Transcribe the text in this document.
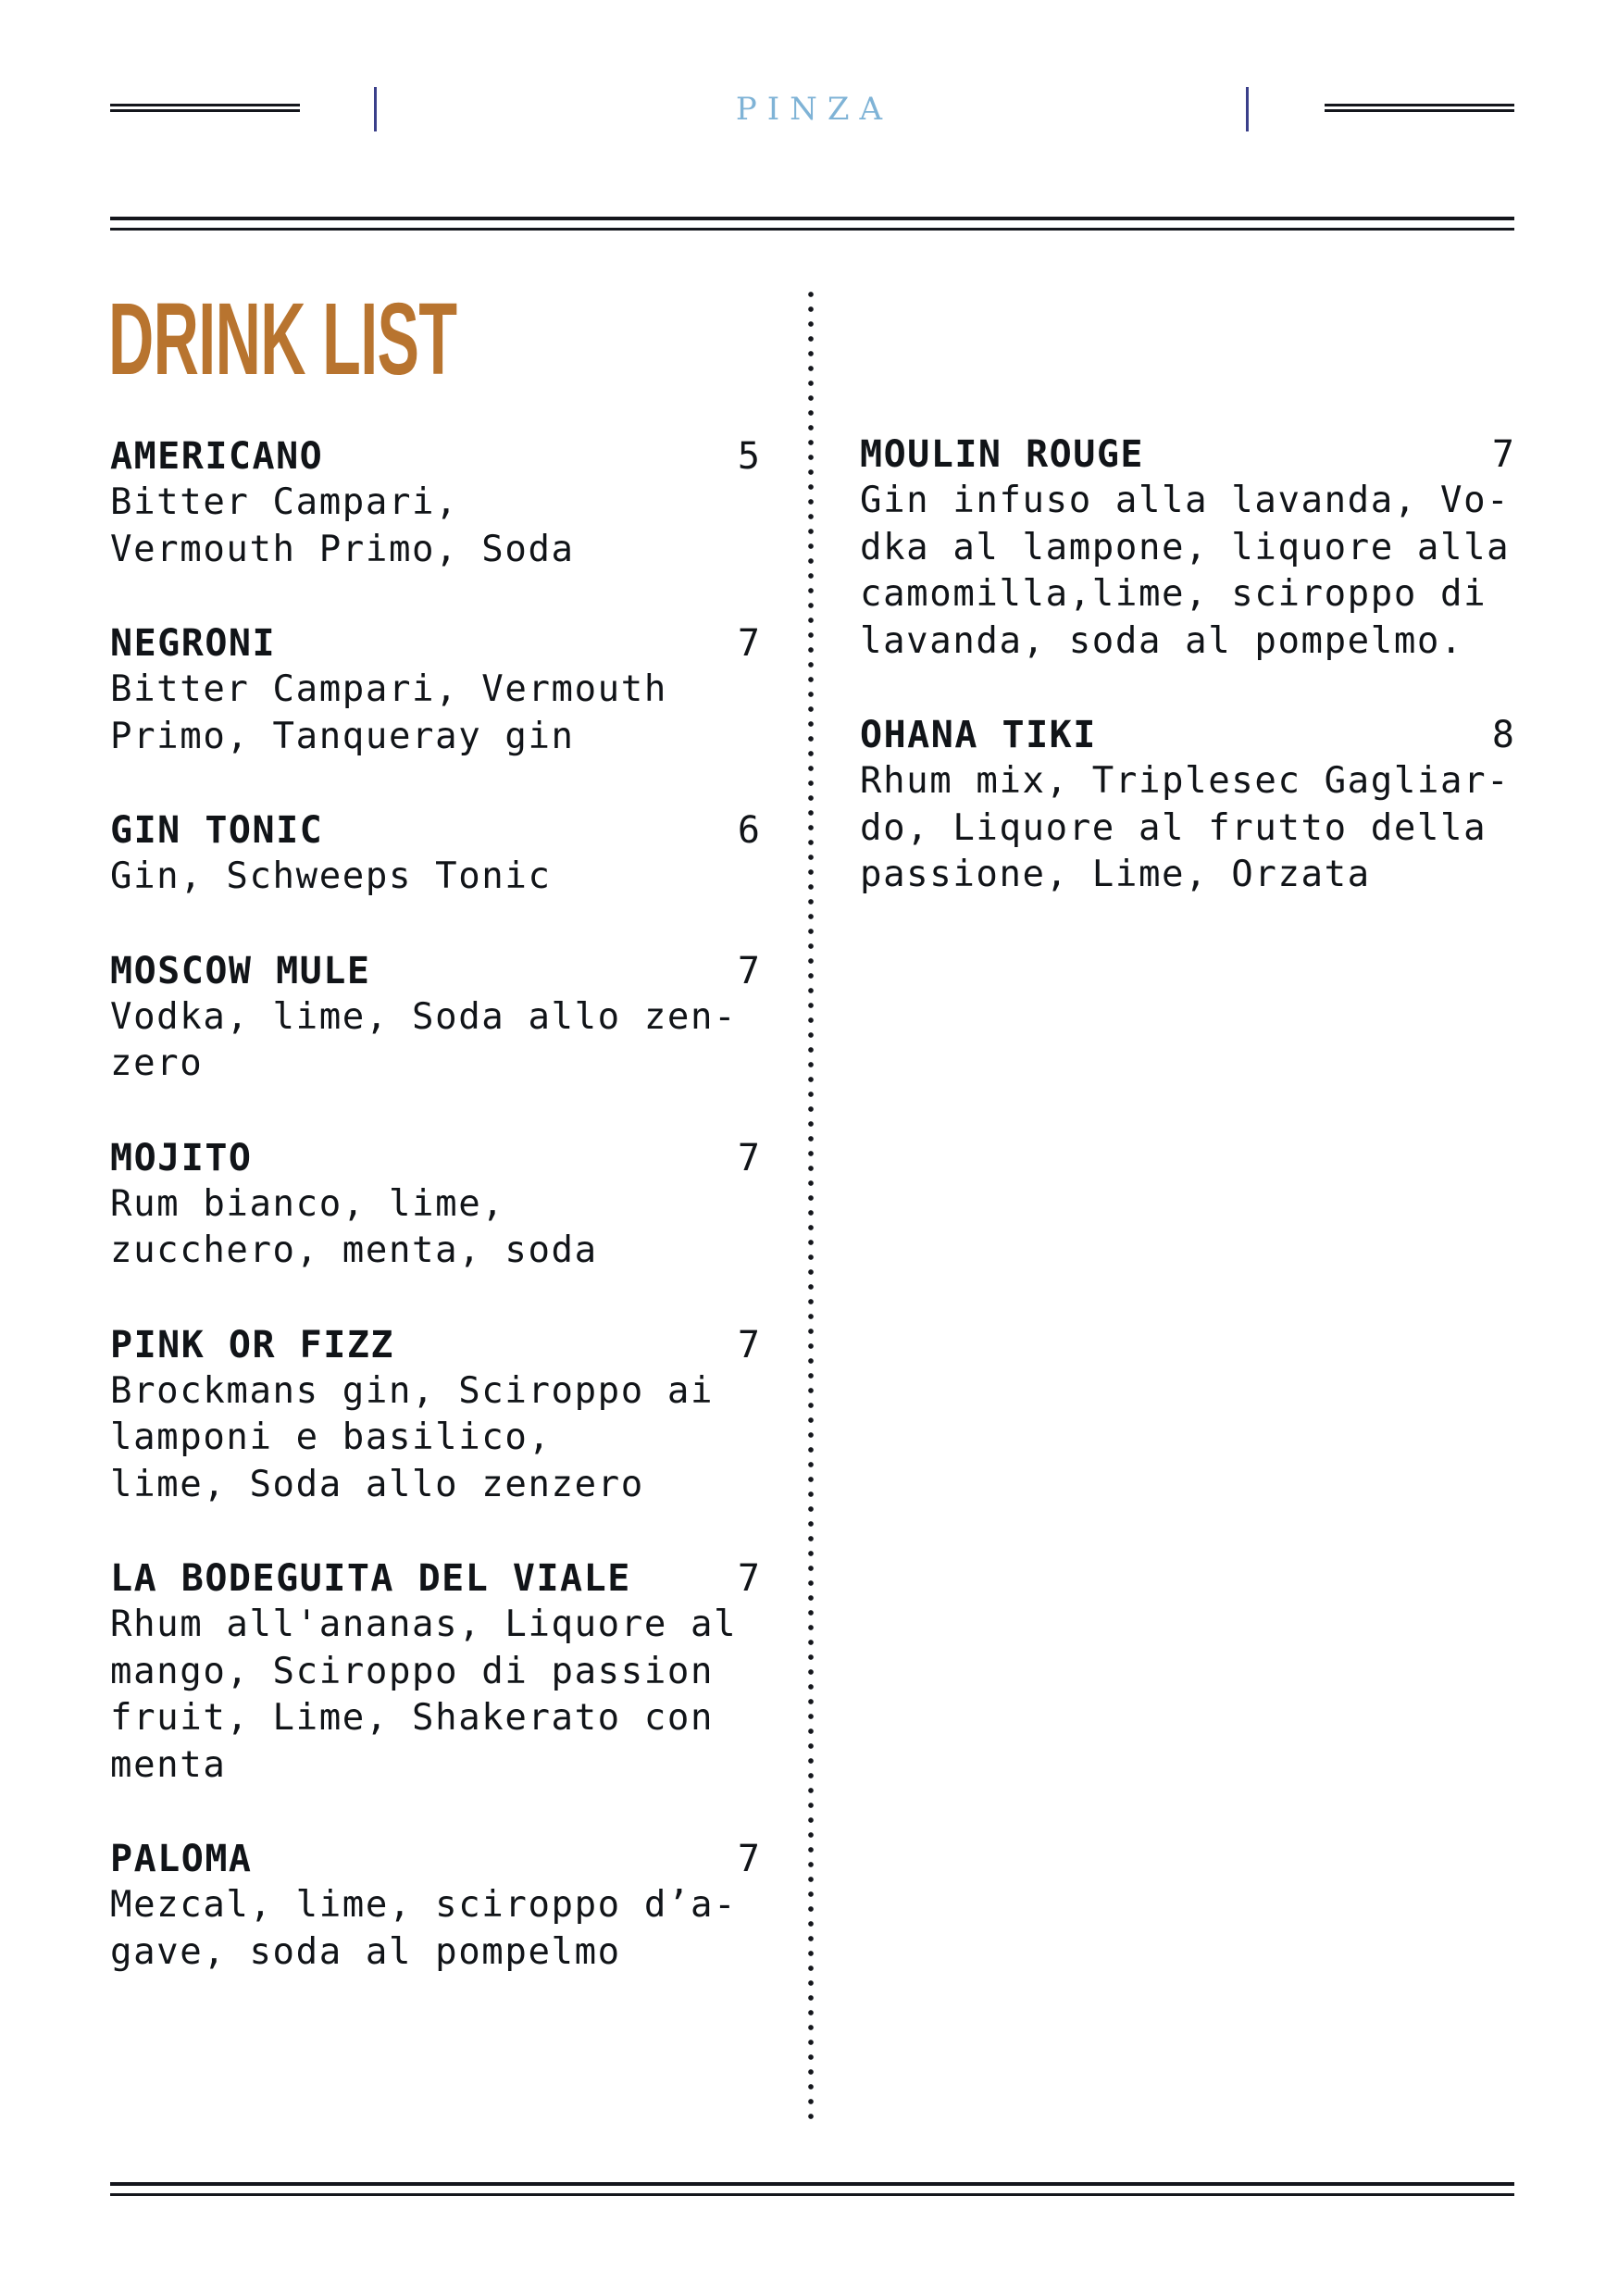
PINZA
DRINK LIST
AMERICANO	5
Bitter Campari,
Vermouth Primo, Soda
NEGRONI	7
Bitter Campari, Vermouth
Primo, Tanqueray gin
GIN TONIC	6
Gin, Schweeps Tonic
MOSCOW MULE	7
Vodka, lime, Soda allo zen-
zero
MOJITO	7
Rum bianco, lime,
zucchero, menta, soda
PINK OR FIZZ	7
Brockmans gin, Sciroppo ai
lamponi e basilico,
lime, Soda allo zenzero
LA BODEGUITA DEL VIALE	7
Rhum all'ananas, Liquore al
mango, Sciroppo di passion
fruit, Lime, Shakerato con
menta
PALOMA	7
Mezcal, lime, sciroppo d’a-
gave, soda al pompelmo
MOULIN ROUGE	7
Gin infuso alla lavanda, Vo-
dka al lampone, liquore alla
camomilla,lime, sciroppo di
lavanda, soda al pompelmo.
OHANA TIKI	8
Rhum mix, Triplesec Gagliar-
do, Liquore al frutto della
passione, Lime, Orzata
